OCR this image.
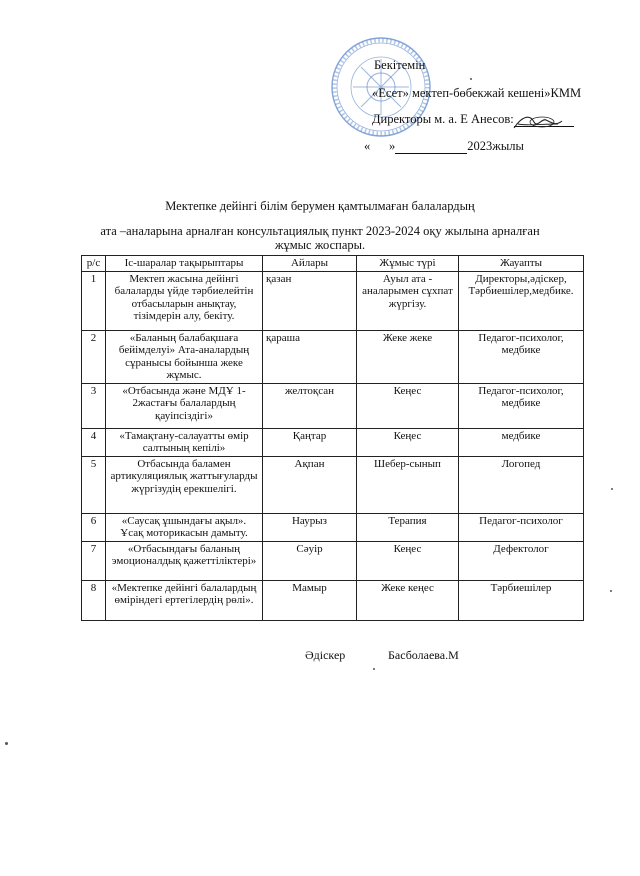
Бекітемін
«Есет» мектеп-бөбекжай кешені»КММ
Директоры м. а. Е Анесов:
« »	2023жылы
Мектепке дейінгі білім берумен қамтылмаған балалардың
ата –аналарына арналған консультациялық пункт 2023-2024 оқу жылына арналған жұмыс жоспары.
р/с	Іс-шаралар тақырыптары	Айлары	Жұмыс түрі	Жауапты
1	Мектеп жасына дейінгі балаларды үйде тәрбиелейтін отбасыларын анықтау, тізімдерін алу, бекіту.	қазан	Ауыл ата - аналарымен сұхпат жүргізу.	Директоры,әдіскер, Тәрбиешілер,медбике.
2	«Баланың балабақшаға бейімделуі» Ата-аналардың сұранысы бойынша жеке жұмыс.	қараша	Жеке жеке	Педагог-психолог, медбике
3	«Отбасында және МДҰ 1-2жастағы балалардың қауіпсіздігі»	желтоқсан	Кеңес	Педагог-психолог, медбике
4	«Тамақтану-салауатты өмір салтының кепілі»	Қаңтар	Кеңес	медбике
5	Отбасында баламен артикуляциялық жаттығуларды жүргізудің ерекшелігі.	Ақпан	Шебер-сынып	Логопед
6	«Саусақ ұшындағы ақыл». Ұсақ моторикасын дамыту.	Наурыз	Терапия	Педагог-психолог
7	«Отбасындағы баланың эмоционалдық қажеттіліктері»	Сәуір	Кеңес	Дефектолог
8	«Мектепке дейінгі балалардың өміріндегі ертегілердің рөлі».	Мамыр	Жеке кеңес	Тәрбиешілер
Әдіскер	Басболаева.М
